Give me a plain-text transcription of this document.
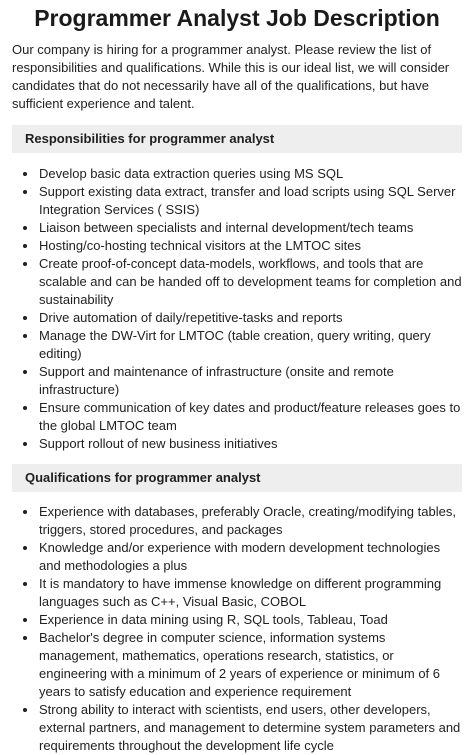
Programmer Analyst Job Description

Our company is hiring for a programmer analyst. Please review the list of responsibilities and qualifications. While this is our ideal list, we will consider candidates that do not necessarily have all of the qualifications, but have sufficient experience and talent.

Responsibilities for programmer analyst
• Develop basic data extraction queries using MS SQL
• Support existing data extract, transfer and load scripts using SQL Server Integration Services ( SSIS)
• Liaison between specialists and internal development/tech teams
• Hosting/co-hosting technical visitors at the LMTOC sites
• Create proof-of-concept data-models, workflows, and tools that are scalable and can be handed off to development teams for completion and sustainability
• Drive automation of daily/repetitive-tasks and reports
• Manage the DW-Virt for LMTOC (table creation, query writing, query editing)
• Support and maintenance of infrastructure (onsite and remote infrastructure)
• Ensure communication of key dates and product/feature releases goes to the global LMTOC team
• Support rollout of new business initiatives
Qualifications for programmer analyst
• Experience with databases, preferably Oracle, creating/modifying tables, triggers, stored procedures, and packages
• Knowledge and/or experience with modern development technologies and methodologies a plus
• It is mandatory to have immense knowledge on different programming languages such as C++, Visual Basic, COBOL
• Experience in data mining using R, SQL tools, Tableau, Toad
• Bachelor's degree in computer science, information systems management, mathematics, operations research, statistics, or engineering with a minimum of 2 years of experience or minimum of 6 years to satisfy education and experience requirement
• Strong ability to interact with scientists, end users, other developers, external partners, and management to determine system parameters and requirements throughout the development life cycle
